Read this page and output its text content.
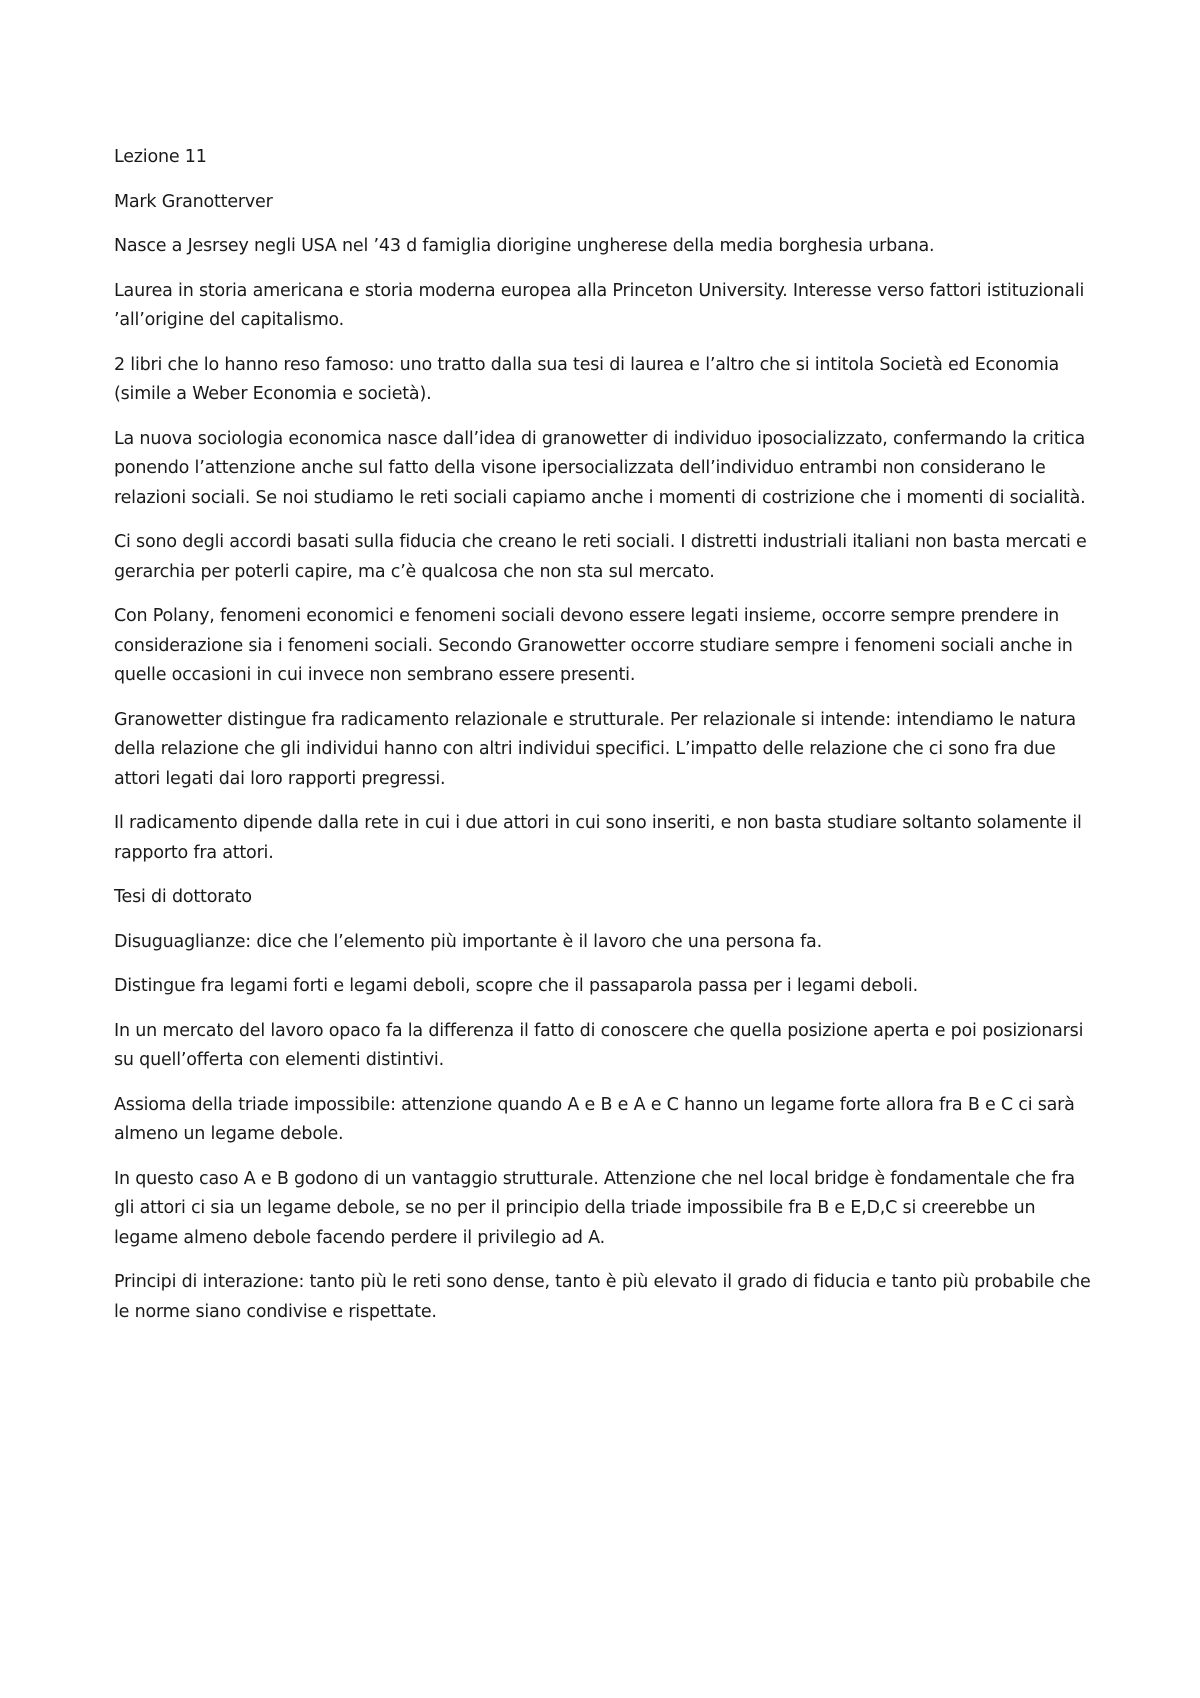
Lezione 11

Mark Granotterver

Nasce a Jesrsey negli USA nel ’43 d famiglia diorigine ungherese della media borghesia urbana.

Laurea in storia americana e storia moderna europea alla Princeton University. Interesse verso fattori istituzionali ’all’origine del capitalismo.

2 libri che lo hanno reso famoso: uno tratto dalla sua tesi di laurea e l’altro che si intitola Società ed Economia (simile a Weber Economia e società).

La nuova sociologia economica nasce dall’idea di granowetter di individuo iposocializzato, confermando la critica ponendo l’attenzione anche sul fatto della visone ipersocializzata dell’individuo entrambi non considerano le relazioni sociali. Se noi studiamo le reti sociali capiamo anche i momenti di costrizione che i momenti di socialità.

Ci sono degli accordi basati sulla fiducia che creano le reti sociali. I distretti industriali italiani non basta mercati e gerarchia per poterli capire, ma c’è qualcosa che non sta sul mercato.

Con Polany, fenomeni economici e fenomeni sociali devono essere legati insieme, occorre sempre prendere in considerazione sia i fenomeni sociali. Secondo Granowetter occorre studiare sempre i fenomeni sociali anche in quelle occasioni in cui invece non sembrano essere presenti.

Granowetter distingue fra radicamento relazionale e strutturale. Per relazionale si intende: intendiamo le natura della relazione che gli individui hanno con altri individui specifici. L’impatto delle relazione che ci sono fra due attori legati dai loro rapporti pregressi.

Il radicamento dipende dalla rete in cui i due attori in cui sono inseriti, e non basta studiare soltanto solamente il rapporto fra attori.

Tesi di dottorato

Disuguaglianze: dice che l’elemento più importante è il lavoro che una persona fa.

Distingue fra legami forti e legami deboli, scopre che il passaparola passa per i legami deboli.

In un mercato del lavoro opaco fa la differenza il fatto di conoscere che quella posizione aperta e poi posizionarsi su quell’offerta con elementi distintivi.

Assioma della triade impossibile: attenzione quando A e B e A e C hanno un legame forte allora fra B e C ci sarà almeno un legame debole.

In questo caso A e B godono di un vantaggio strutturale. Attenzione che nel local bridge è fondamentale che fra gli attori ci sia un legame debole, se no per il principio della triade impossibile fra B e E,D,C si creerebbe un legame almeno debole facendo perdere il privilegio ad A.

Principi di interazione: tanto più le reti sono dense, tanto è più elevato il grado di fiducia e tanto più probabile che le norme siano condivise e rispettate.
